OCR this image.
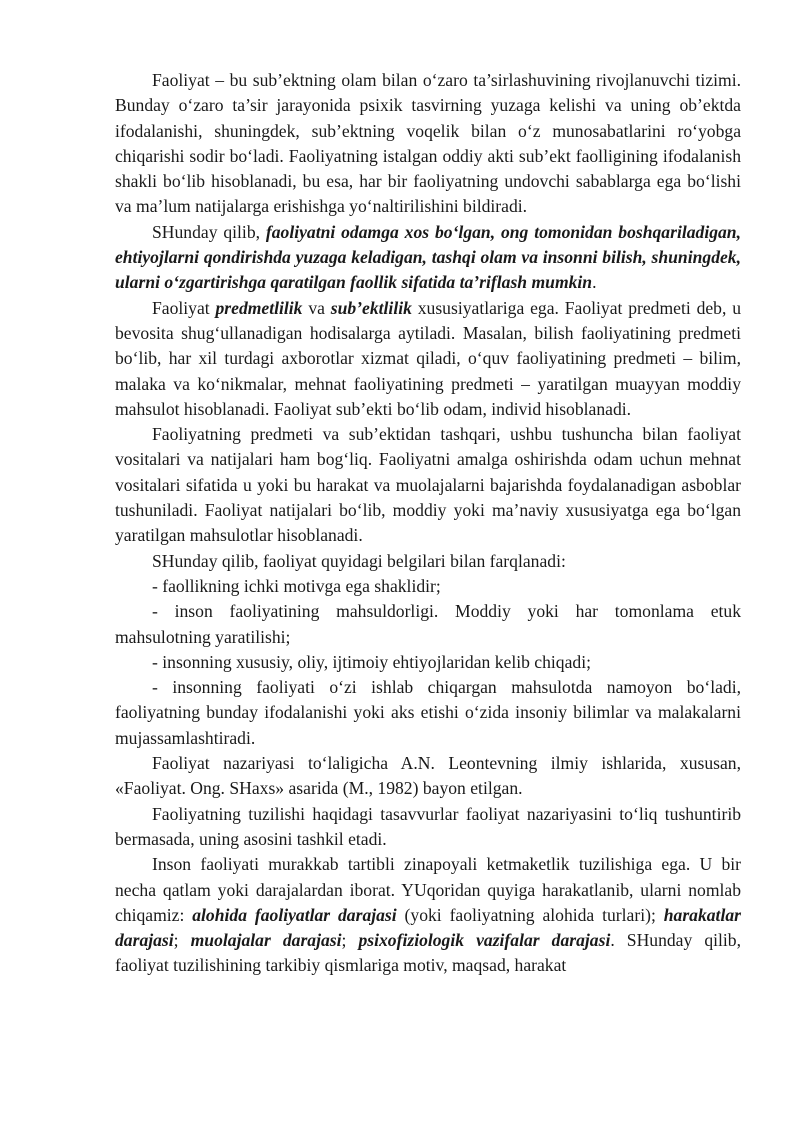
Faoliyat – bu sub’ektning olam bilan o‘zaro ta’sirlashuvining rivojlanuvchi tizimi. Bunday o‘zaro ta’sir jarayonida psixik tasvirning yuzaga kelishi va uning ob’ektda ifodalanishi, shuningdek, sub’ektning voqelik bilan o‘z munosabatlarini ro‘yobga chiqarishi sodir bo‘ladi. Faoliyatning istalgan oddiy akti sub’ekt faolligining ifodalanish shakli bo‘lib hisoblanadi, bu esa, har bir faoliyatning undovchi sabablarga ega bo‘lishi va ma’lum natijalarga erishishga yo‘naltirilishini bildiradi.

SHunday qilib, faoliyatni odamga xos bo‘lgan, ong tomonidan boshqariladigan, ehtiyojlarni qondirishda yuzaga keladigan, tashqi olam va insonni bilish, shuningdek, ularni o‘zgartirishga qaratilgan faollik sifatida ta’riflash mumkin.

Faoliyat predmetlilik va sub’ektlilik xususiyatlariga ega. Faoliyat predmeti deb, u bevosita shug‘ullanadigan hodisalarga aytiladi. Masalan, bilish faoliyatining predmeti bo‘lib, har xil turdagi axborotlar xizmat qiladi, o‘quv faoliyatining predmeti – bilim, malaka va ko‘nikmalar, mehnat faoliyatining predmeti – yaratilgan muayyan moddiy mahsulot hisoblanadi. Faoliyat sub’ekti bo‘lib odam, individ hisoblanadi.

Faoliyatning predmeti va sub’ektidan tashqari, ushbu tushuncha bilan faoliyat vositalari va natijalari ham bog‘liq. Faoliyatni amalga oshirishda odam uchun mehnat vositalari sifatida u yoki bu harakat va muolajalarni bajarishda foydalanadigan asboblar tushuniladi. Faoliyat natijalari bo‘lib, moddiy yoki ma’naviy xususiyatga ega bo‘lgan yaratilgan mahsulotlar hisoblanadi.

SHunday qilib, faoliyat quyidagi belgilari bilan farqlanadi:

- faollikning ichki motivga ega shaklidir;

- inson faoliyatining mahsuldorligi. Moddiy yoki har tomonlama etuk mahsulotning yaratilishi;

- insonning xususiy, oliy, ijtimoiy ehtiyojlaridan kelib chiqadi;

- insonning faoliyati o‘zi ishlab chiqargan mahsulotda namoyon bo‘ladi, faoliyatning bunday ifodalanishi yoki aks etishi o‘zida insoniy bilimlar va malakalarni mujassamlashtiradi.

Faoliyat nazariyasi to‘laligicha A.N. Leontevning ilmiy ishlarida, xususan, «Faoliyat. Ong. SHaxs» asarida (M., 1982) bayon etilgan.

Faoliyatning tuzilishi haqidagi tasavvurlar faoliyat nazariyasini to‘liq tushuntirib bermasada, uning asosini tashkil etadi.

Inson faoliyati murakkab tartibli zinapoyali ketmaketlik tuzilishiga ega. U bir necha qatlam yoki darajalardan iborat. YUqoridan quyiga harakatlanib, ularni nomlab chiqamiz: alohida faoliyatlar darajasi (yoki faoliyatning alohida turlari); harakatlar darajasi; muolajalar darajasi; psixofiziologik vazifalar darajasi. SHunday qilib, faoliyat tuzilishining tarkibiy qismlariga motiv, maqsad, harakat
